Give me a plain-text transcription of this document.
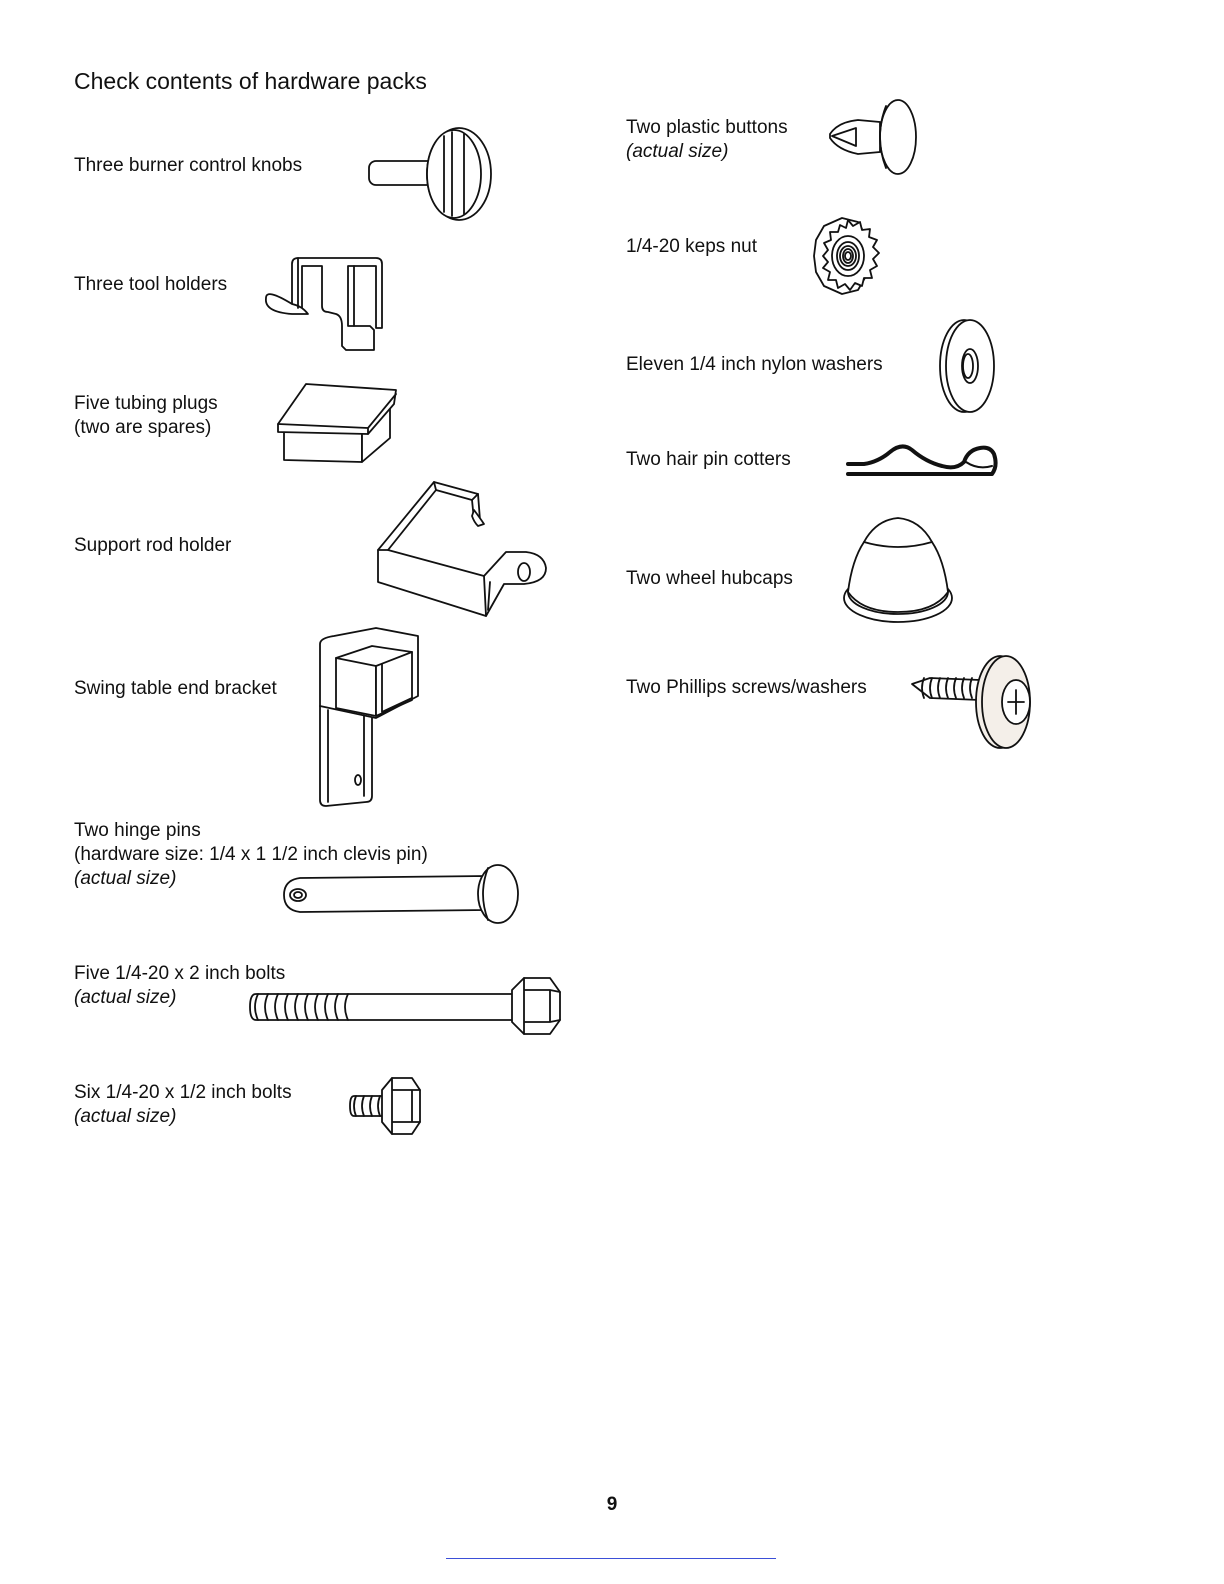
Check contents of hardware packs
Three burner control knobs
Three tool holders
Five tubing plugs
(two are spares)
Support rod holder
Swing table end bracket
Two hinge pins
(hardware size: 1/4 x 1 1/2 inch clevis pin)
(actual size)
Five 1/4-20 x 2 inch bolts
(actual size)
Six 1/4-20 x 1/2 inch bolts
(actual size)
Two plastic buttons
(actual size)
1/4-20 keps nut
Eleven 1/4 inch nylon washers
Two hair pin cotters
Two wheel hubcaps
Two Phillips screws/washers
9
